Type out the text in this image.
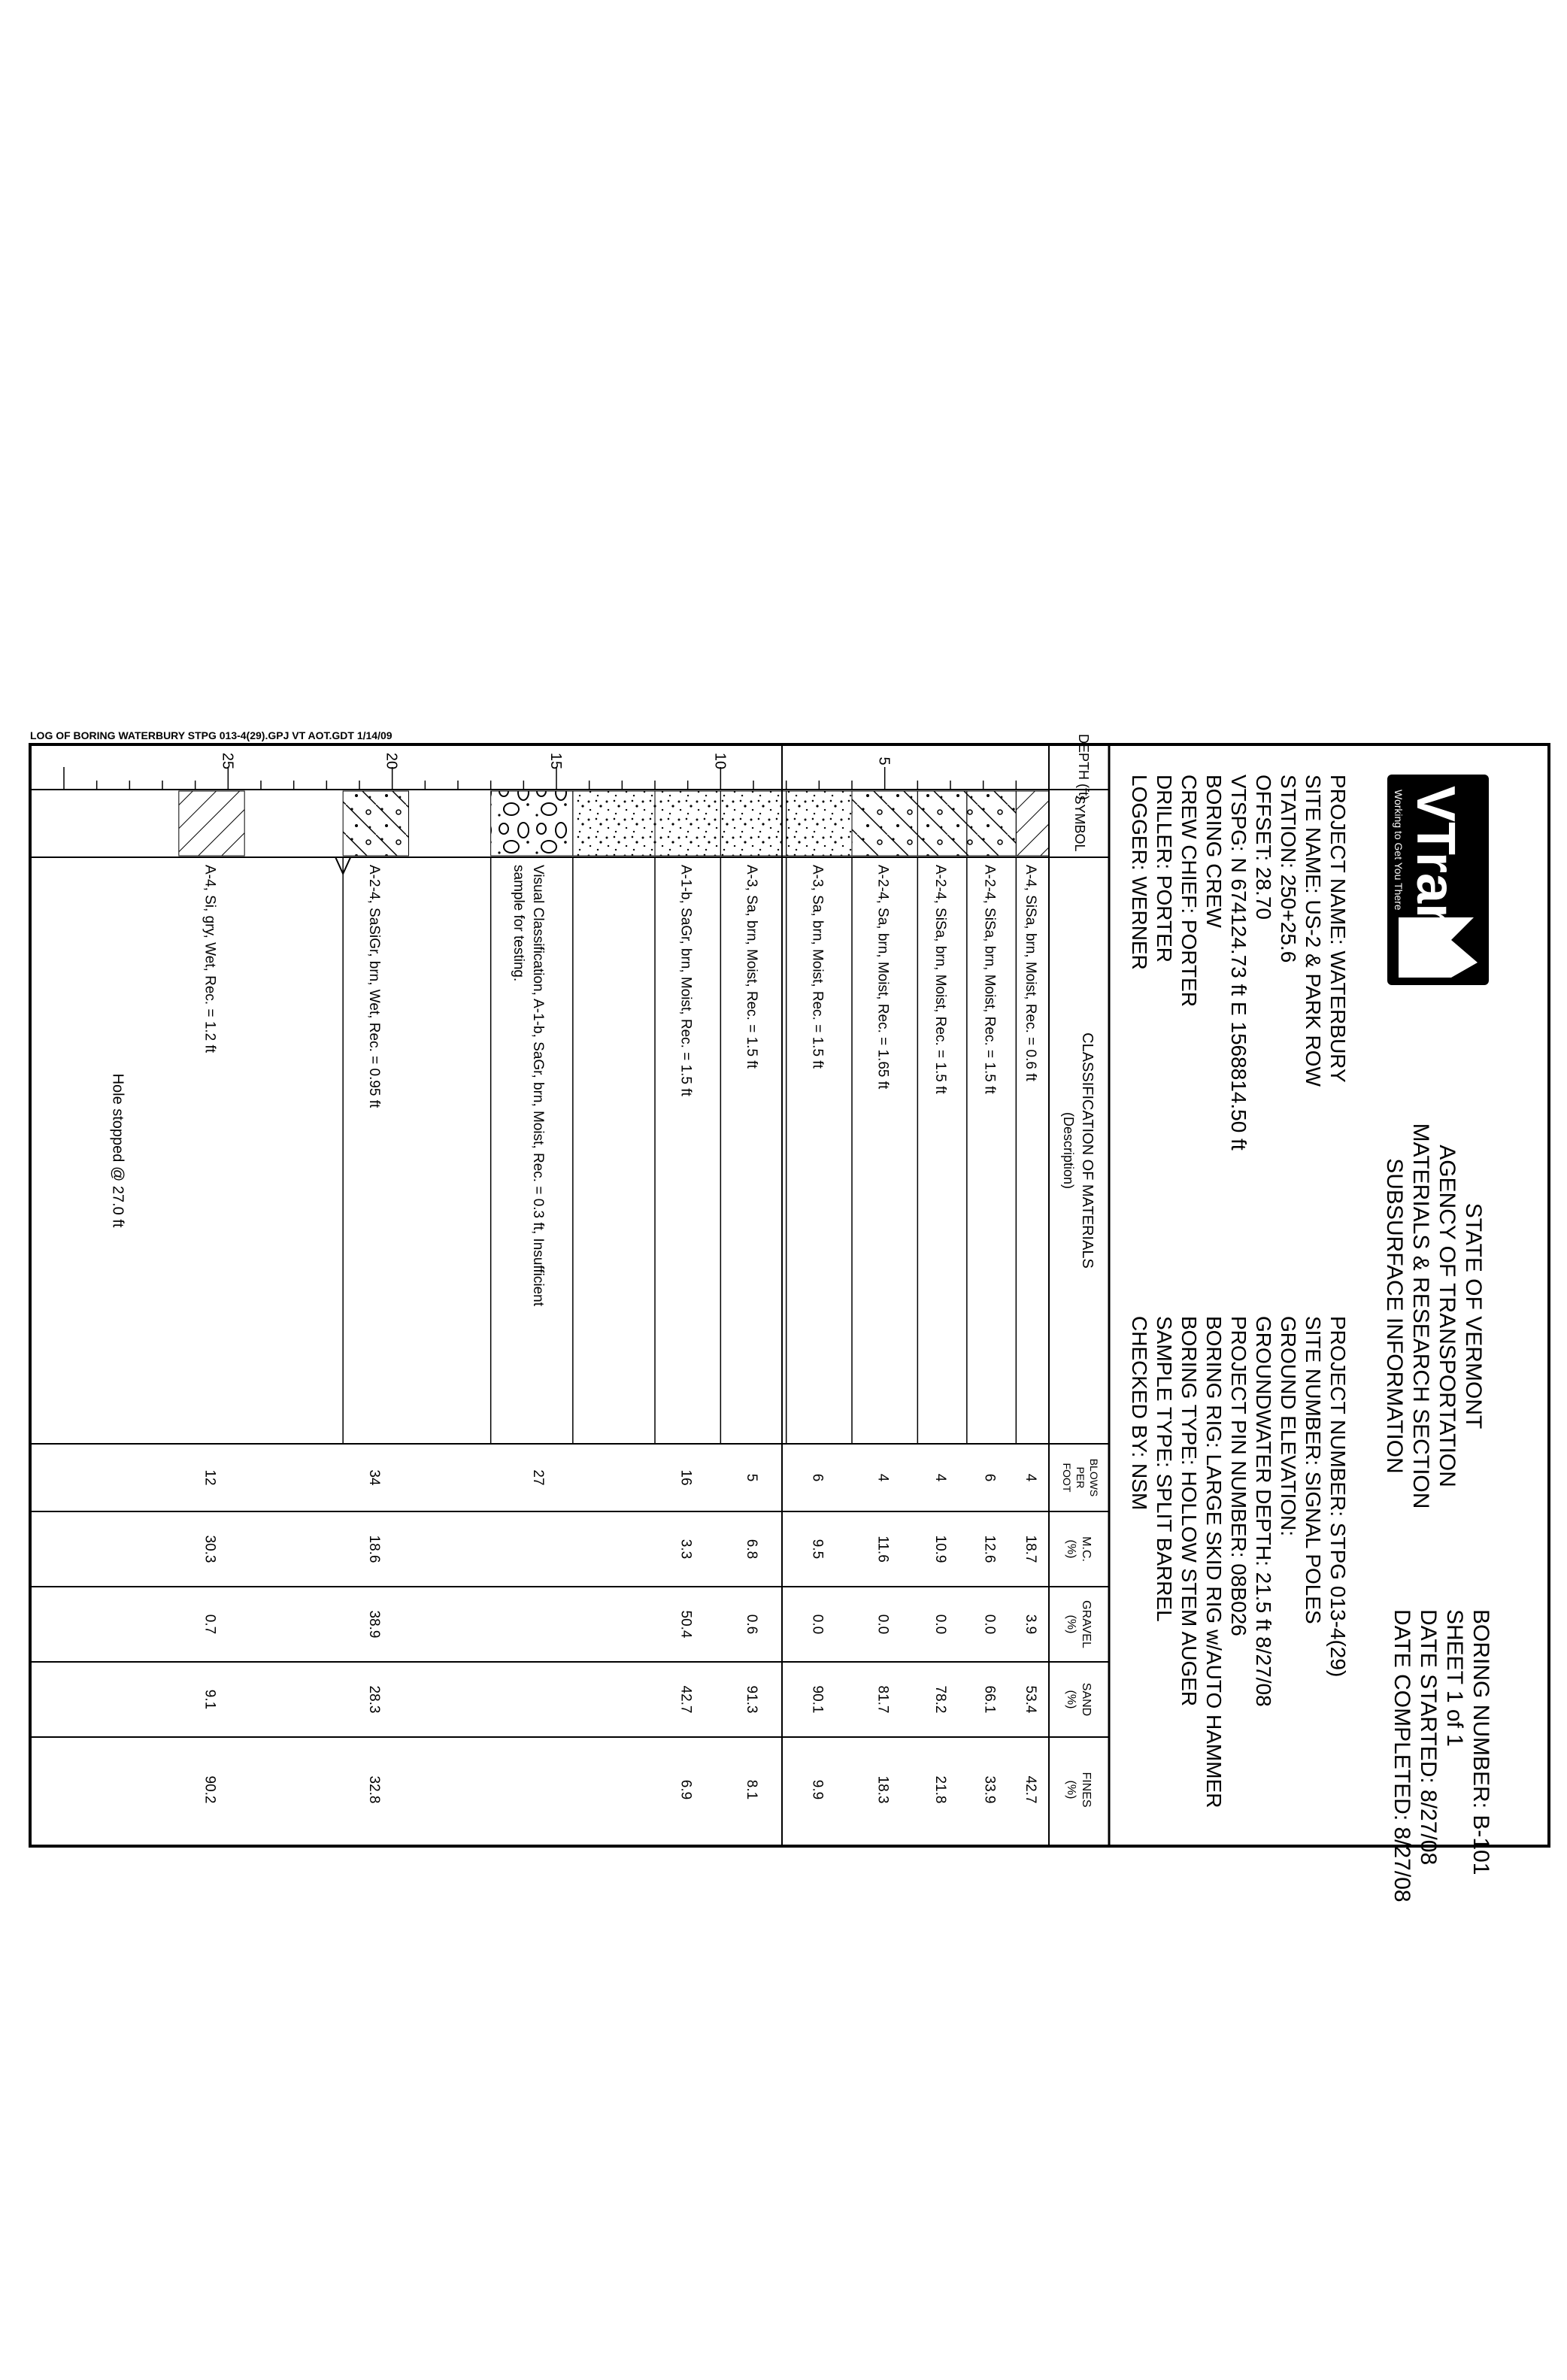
VTrans
Working to Get You There
STATE OF VERMONT
AGENCY OF TRANSPORTATION
MATERIALS & RESEARCH SECTION
SUBSURFACE INFORMATION
BORING NUMBER: B-101
SHEET 1 of 1
DATE STARTED: 8/27/08
DATE COMPLETED: 8/27/08
PROJECT NAME: WATERBURY
SITE NAME: US-2 & PARK ROW
STATION: 250+25.6
OFFSET: 28.70
VTSPG: N 674124.73 ft E 1568814.50 ft
BORING CREW
CREW CHIEF: PORTER
DRILLER: PORTER
LOGGER: WERNER
PROJECT NUMBER: STPG 013-4(29)
SITE NUMBER: SIGNAL POLES
GROUND ELEVATION:
GROUNDWATER DEPTH: 21.5 ft 8/27/08
PROJECT PIN NUMBER: 08B026
BORING RIG: LARGE SKID RIG w/AUTO HAMMER
BORING TYPE: HOLLOW STEM AUGER
SAMPLE TYPE: SPLIT BARREL
CHECKED BY: NSM
DEPTH (ft)
SYMBOL
CLASSIFICATION OF MATERIALS
(Description)
BLOWS
PER
FOOT
M.C.
(%)
GRAVEL
(%)
SAND
(%)
FINES
(%)
5
10
15
20
25
A-4, SiSa, brn, Moist, Rec. = 0.6 ft
4
18.7
3.9
53.4
42.7
A-2-4, SiSa, brn, Moist, Rec. = 1.5 ft
6
12.6
0.0
66.1
33.9
A-2-4, SiSa, brn, Moist, Rec. = 1.5 ft
4
10.9
0.0
78.2
21.8
A-2-4, Sa, brn, Moist, Rec. = 1.65 ft
4
11.6
0.0
81.7
18.3
A-3, Sa, brn, Moist, Rec. = 1.5 ft
6
9.5
0.0
90.1
9.9
A-3, Sa, brn, Moist, Rec. = 1.5 ft
5
6.8
0.6
91.3
8.1
A-1-b, SaGr, brn, Moist, Rec. = 1.5 ft
16
3.3
50.4
42.7
6.9
Visual Classification, A-1-b, SaGr, brn, Moist, Rec. = 0.3 ft, Insufficient
sample for testing.
27
A-2-4, SaSiGr, brn, Wet, Rec. = 0.95 ft
34
18.6
38.9
28.3
32.8
A-4, Si, gry, Wet, Rec. = 1.2 ft
12
30.3
0.7
9.1
90.2
Hole stopped @ 27.0 ft
LOG OF BORING WATERBURY STPG 013-4(29).GPJ VT AOT.GDT 1/14/09
